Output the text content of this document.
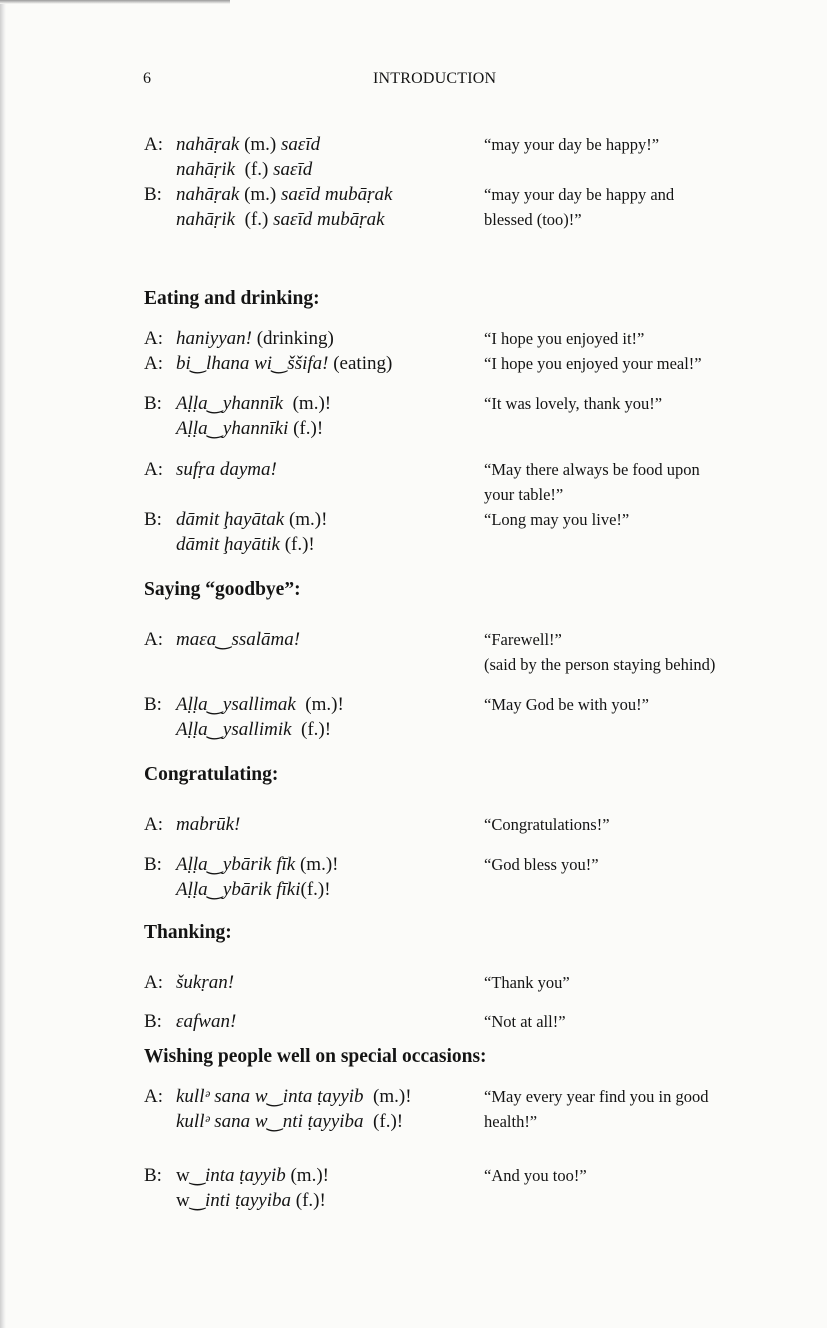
6	INTRODUCTION
A: nahāṛak (m.) saɛīd	“may your day be happy!”
nahāṛik (f.) saɛīd
B: nahāṛak (m.) saɛīd mubāṛak	“may your day be happy and
nahāṛik (f.) saɛīd mubāṛak	blessed (too)!”
Eating and drinking:
A: haniyyan! (drinking)	“I hope you enjoyed it!”
A: bi‿lhana wi‿ššifa! (eating)	“I hope you enjoyed your meal!”
B: Aḷḷa‿yhannīk (m.)!	“It was lovely, thank you!”
Aḷḷa‿yhannīki (f.)!
A: sufṛa dayma!	“May there always be food upon
your table!”
B: dāmit ḩayātak (m.)!	“Long may you live!”
dāmit ḩayātik (f.)!
Saying “goodbye”:
A: maɛa‿ssalāma!	“Farewell!”
(said by the person staying behind)
B: Aḷḷa‿ysallimak (m.)!	“May God be with you!”
Aḷḷa‿ysallimik (f.)!
Congratulating:
A: mabrūk!	“Congratulations!”
B: Aḷḷa‿ybārik fīk (m.)!	“God bless you!”
Aḷḷa‿ybārik fīki(f.)!
Thanking:
A: šukṛan!	“Thank you”
B: ɛafwan!	“Not at all!”
Wishing people well on special occasions:
A: kullᵊ sana w‿inta ṭayyib (m.)!	“May every year find you in good
kullᵊ sana w‿nti ṭayyiba (f.)!	health!”
B: w‿inta ṭayyib (m.)!	“And you too!”
w‿inti ṭayyiba (f.)!
